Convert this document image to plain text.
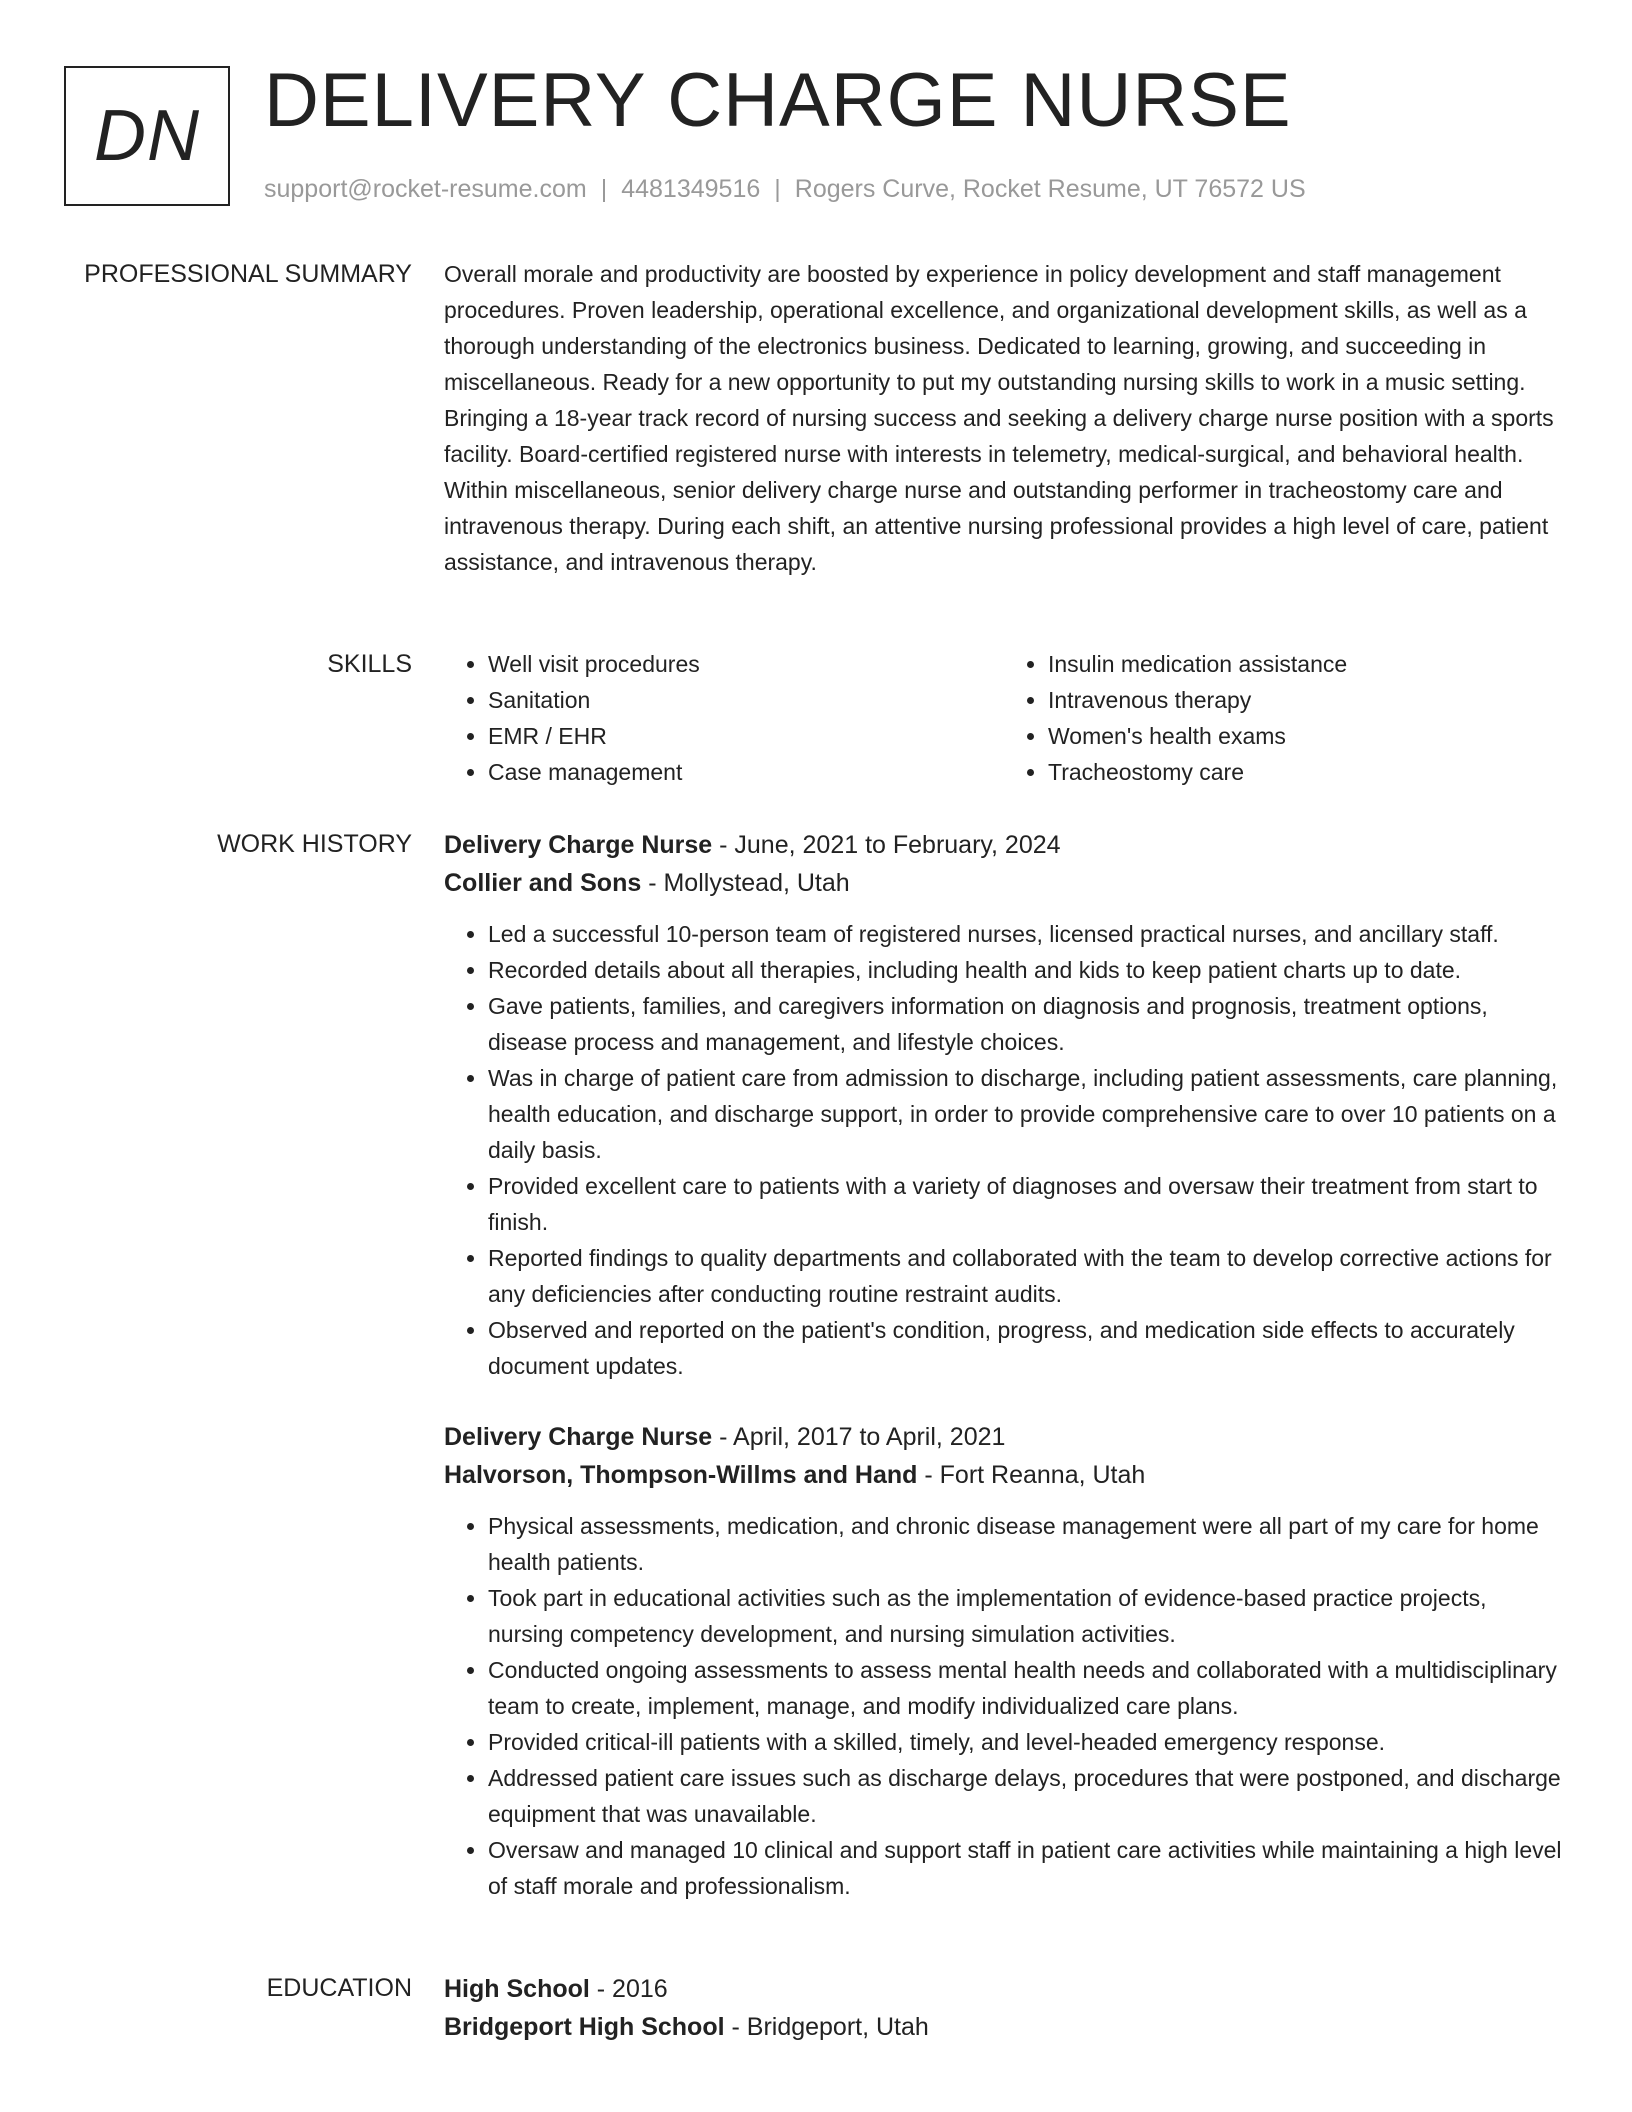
DN DELIVERY CHARGE NURSE
support@rocket-resume.com | 4481349516 | Rogers Curve, Rocket Resume, UT 76572 US
PROFESSIONAL SUMMARY Overall morale and productivity are boosted by experience in policy development and staff management procedures. Proven leadership, operational excellence, and organizational development skills, as well as a thorough understanding of the electronics business. Dedicated to learning, growing, and succeeding in miscellaneous. Ready for a new opportunity to put my outstanding nursing skills to work in a music setting. Bringing a 18-year track record of nursing success and seeking a delivery charge nurse position with a sports facility. Board-certified registered nurse with interests in telemetry, medical-surgical, and behavioral health. Within miscellaneous, senior delivery charge nurse and outstanding performer in tracheostomy care and intravenous therapy. During each shift, an attentive nursing professional provides a high level of care, patient assistance, and intravenous therapy.

SKILLS
•	Well visit procedures
• Sanitation
• EMR / EHR
• Case management
• Insulin medication assistance
• Intravenous therapy
• Women's health exams
• Tracheostomy care
WORK HISTORY Delivery Charge Nurse - June, 2021 to February, 2024
Collier and Sons - Mollystead, Utah
• Led a successful 10-person team of registered nurses, licensed practical nurses, and ancillary staff.
• Recorded details about all therapies, including health and kids to keep patient charts up to date.
• Gave patients, families, and caregivers information on diagnosis and prognosis, treatment options, disease process and management, and lifestyle choices.
• Was in charge of patient care from admission to discharge, including patient assessments, care planning, health education, and discharge support, in order to provide comprehensive care to over 10 patients on a daily basis.
• Provided excellent care to patients with a variety of diagnoses and oversaw their treatment from start to finish.
• Reported findings to quality departments and collaborated with the team to develop corrective actions for any deficiencies after conducting routine restraint audits.
• Observed and reported on the patient's condition, progress, and medication side effects to accurately document updates.
Delivery Charge Nurse - April, 2017 to April, 2021
Halvorson, Thompson-Willms and Hand - Fort Reanna, Utah
• Physical assessments, medication, and chronic disease management were all part of my care for home health patients.
• Took part in educational activities such as the implementation of evidence-based practice projects, nursing competency development, and nursing simulation activities.
• Conducted ongoing assessments to assess mental health needs and collaborated with a multidisciplinary team to create, implement, manage, and modify individualized care plans.
• Provided critical-ill patients with a skilled, timely, and level-headed emergency response.
• Addressed patient care issues such as discharge delays, procedures that were postponed, and discharge equipment that was unavailable.
• Oversaw and managed 10 clinical and support staff in patient care activities while maintaining a high level of staff morale and professionalism.
EDUCATION High School - 2016
Bridgeport High School - Bridgeport, Utah
